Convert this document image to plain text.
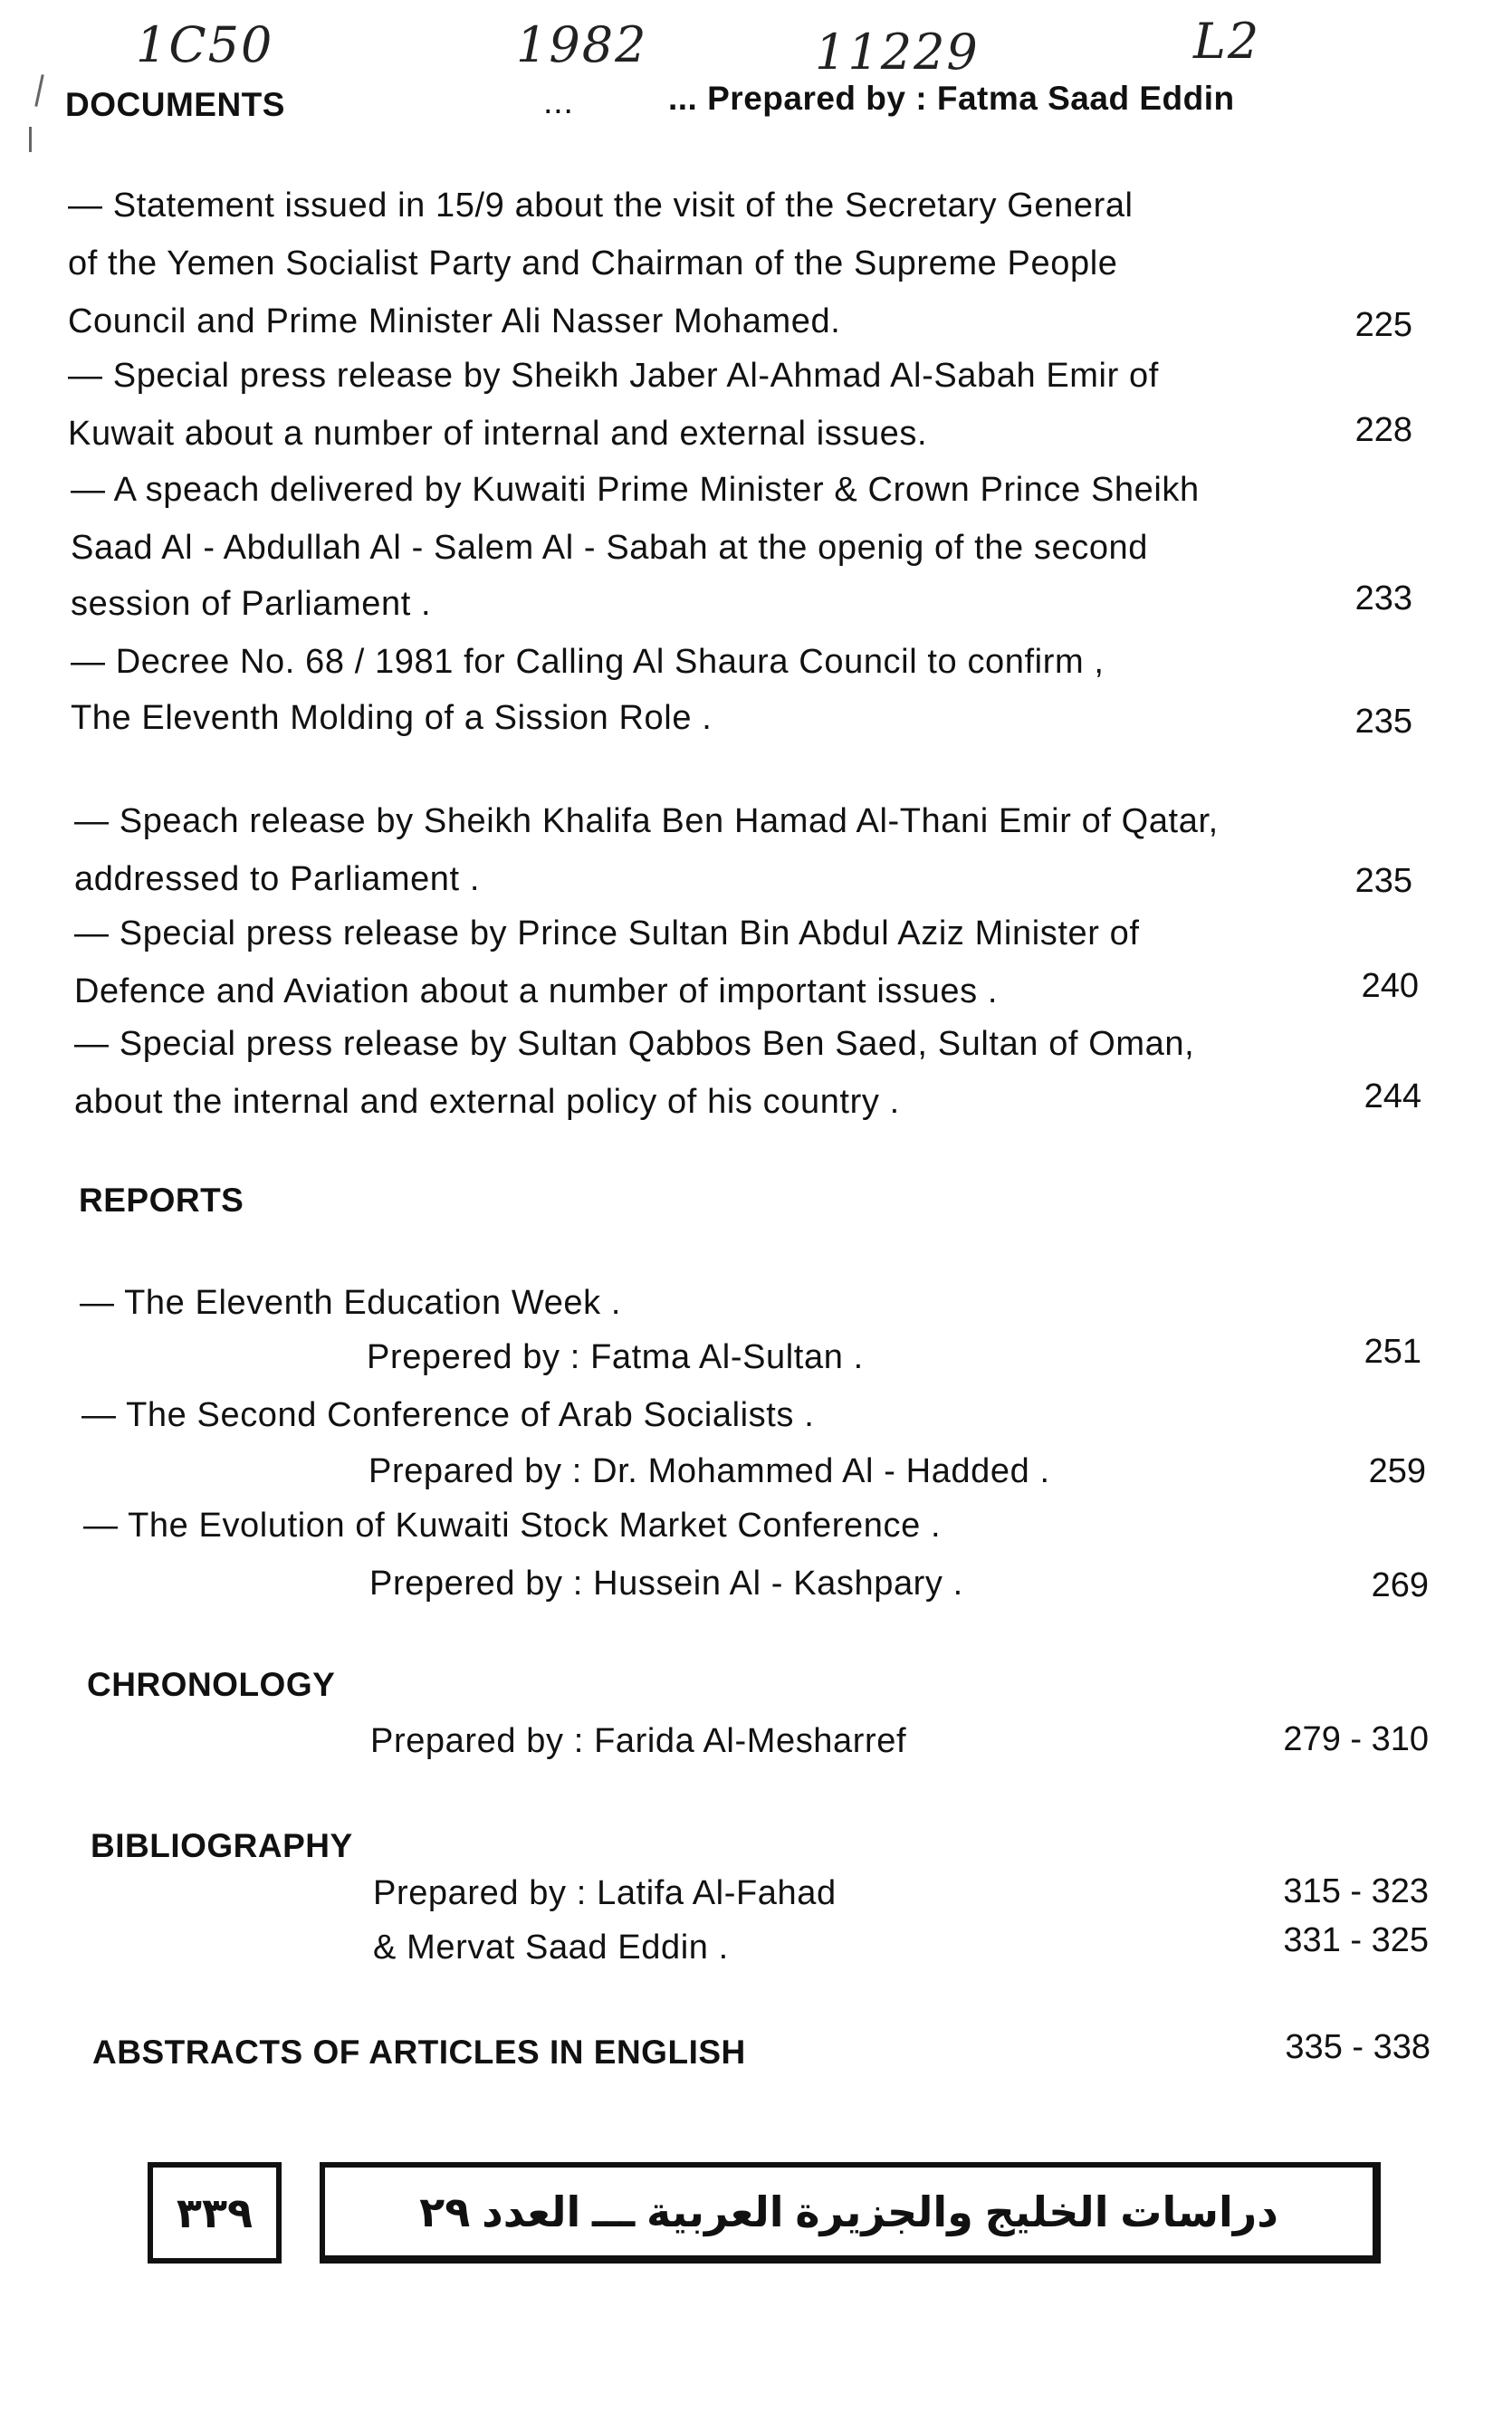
1C50	1982	11229	L2
DOCUMENTS	...	... Prepared by : Fatma Saad Eddin
— Statement issued in 15/9 about the visit of the Secretary General
of the Yemen Socialist Party and Chairman of the Supreme People
Council and Prime Minister Ali Nasser Mohamed.	225
— Special press release by Sheikh Jaber Al-Ahmad Al-Sabah Emir of
Kuwait about a number of internal and external issues.	228
— A speach delivered by Kuwaiti Prime Minister & Crown Prince Sheikh
Saad Al - Abdullah Al - Salem Al - Sabah at the openig of the second
session of Parliament .	233
— Decree No. 68 / 1981 for Calling Al Shaura Council to confirm ,
The Eleventh Molding of a Sission Role .	235
— Speach release by Sheikh Khalifa Ben Hamad Al-Thani Emir of Qatar,
addressed to Parliament .	235
— Special press release by Prince Sultan Bin Abdul Aziz Minister of
Defence and Aviation about a number of important issues .	240
— Special press release by Sultan Qabbos Ben Saed, Sultan of Oman,
about the internal and external policy of his country .	244
REPORTS
— The Eleventh Education Week .
Prepered by : Fatma Al-Sultan .	251
— The Second Conference of Arab Socialists .
Prepared by : Dr. Mohammed Al - Hadded .	259
— The Evolution of Kuwaiti Stock Market Conference .
Prepered by : Hussein Al - Kashpary .	269
CHRONOLOGY
Prepared by : Farida Al-Mesharref	279 - 310
BIBLIOGRAPHY
Prepared by : Latifa Al-Fahad	315 - 323
& Mervat Saad Eddin .	331 - 325
ABSTRACTS OF ARTICLES IN ENGLISH	335 - 338
٣٣٩	دراسات الخليج والجزيرة العربية ـــ العدد ٢٩
